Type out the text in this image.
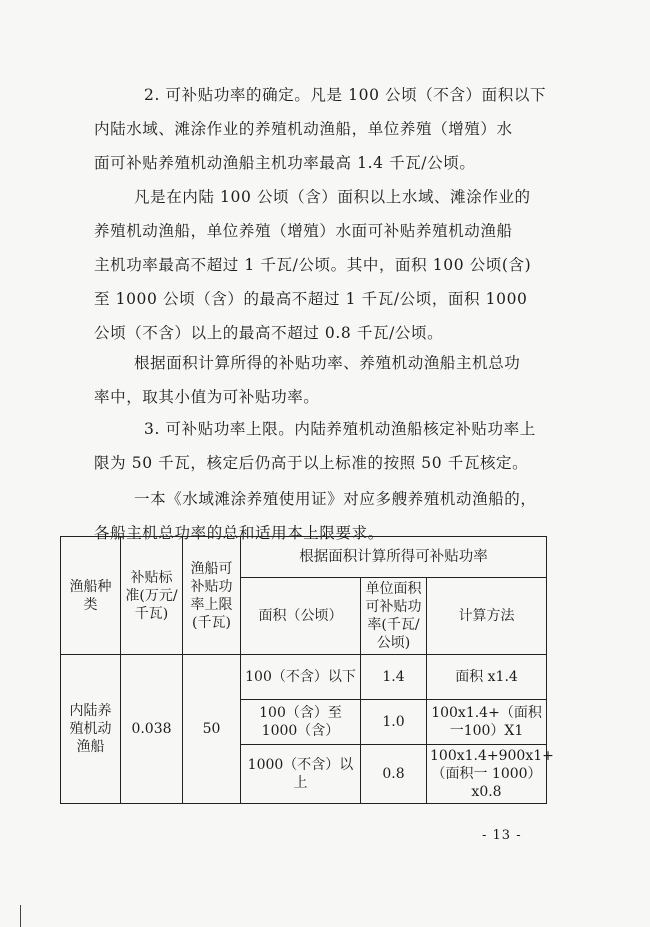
2. 可补贴功率的确定。凡是 100 公顷（不含）面积以下
内陆水域、滩涂作业的养殖机动渔船，单位养殖（增殖）水
面可补贴养殖机动渔船主机功率最高 1.4 千瓦/公顷。
凡是在内陆 100 公顷（含）面积以上水域、滩涂作业的
养殖机动渔船，单位养殖（增殖）水面可补贴养殖机动渔船
主机功率最高不超过 1 千瓦/公顷。其中，面积 100 公顷(含)
至 1000 公顷（含）的最高不超过 1 千瓦/公顷，面积 1000
公顷（不含）以上的最高不超过 0.8 千瓦/公顷。
根据面积计算所得的补贴功率、养殖机动渔船主机总功
率中，取其小值为可补贴功率。
3. 可补贴功率上限。内陆养殖机动渔船核定补贴功率上
限为 50 千瓦，核定后仍高于以上标准的按照 50 千瓦核定。
一本《水域滩涂养殖使用证》对应多艘养殖机动渔船的，
各船主机总功率的总和适用本上限要求。
渔船种类	补贴标准(万元/千瓦)	渔船可补贴功率上限(千瓦)	根据面积计算所得可补贴功率		
			面积（公顷）	单位面积可补贴功率(千瓦/公顷)	计算方法
内陆养殖机动渔船	0.038	50	100（不含）以下	1.4	面积 x1.4
			100（含）至 1000（含）	1.0	100x1.4+（面积一100）X1
			1000（不含）以上	0.8	100x1.4+900x1+（面积一 1000） x0.8
- 13 -
